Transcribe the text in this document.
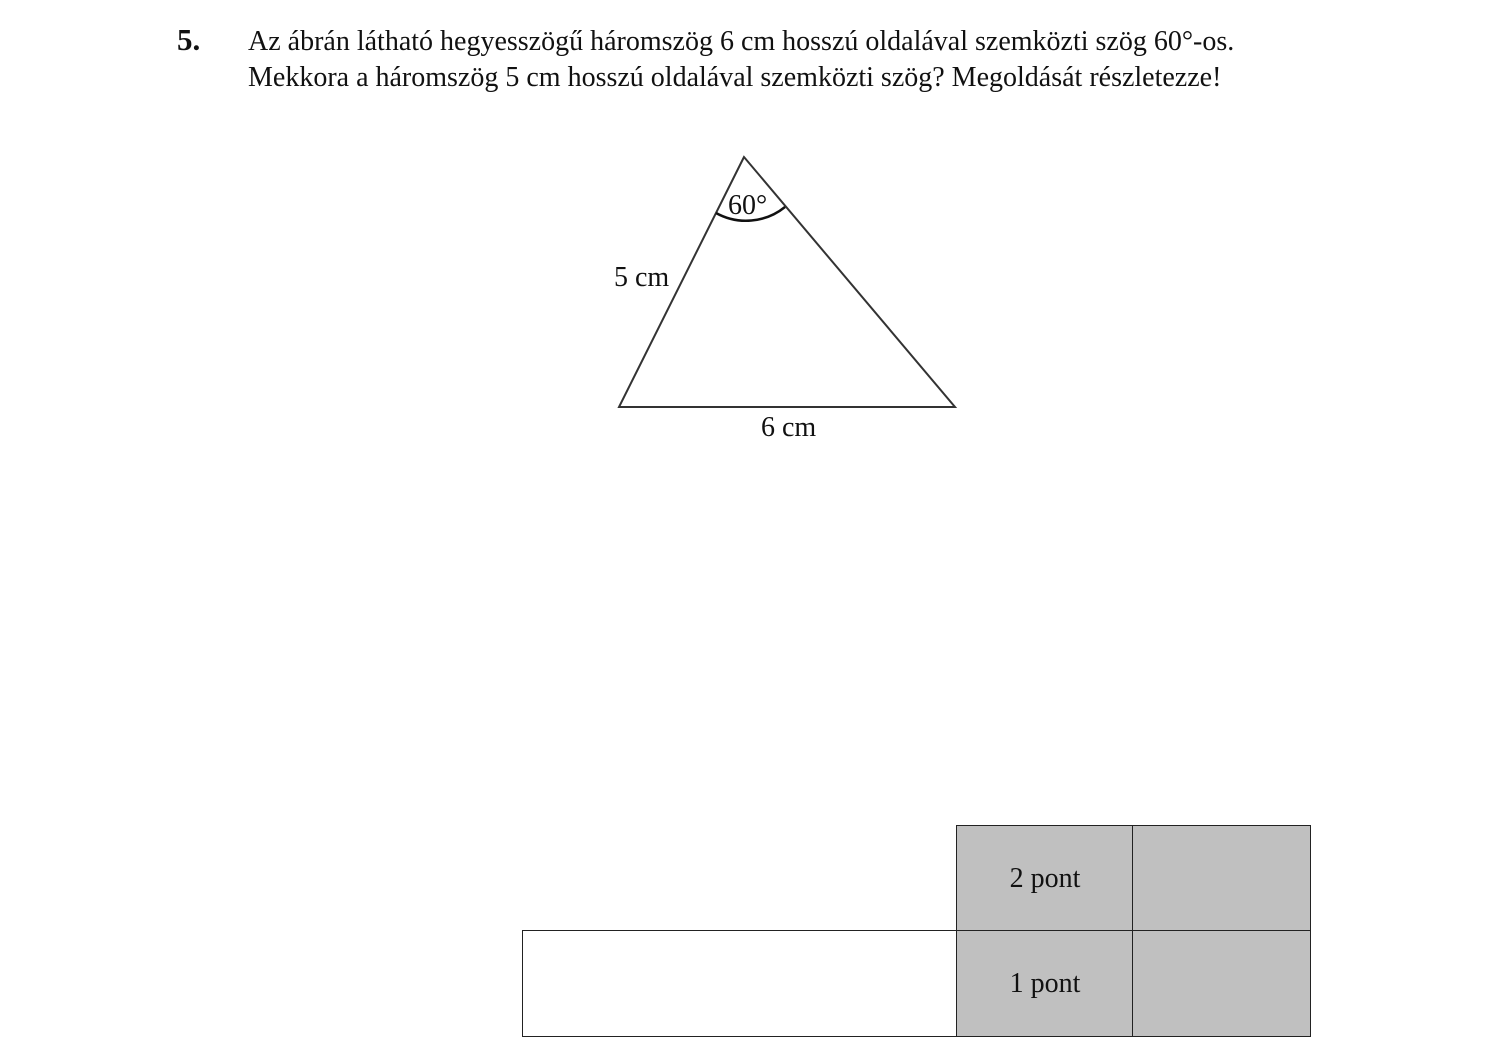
5. Az ábrán látható hegyesszögű háromszög 6 cm hosszú oldalával szemközti szög 60°-os.
Mekkora a háromszög 5 cm hosszú oldalával szemközti szög? Megoldását részletezze!
60°
5 cm
6 cm
2 pont
1 pont
